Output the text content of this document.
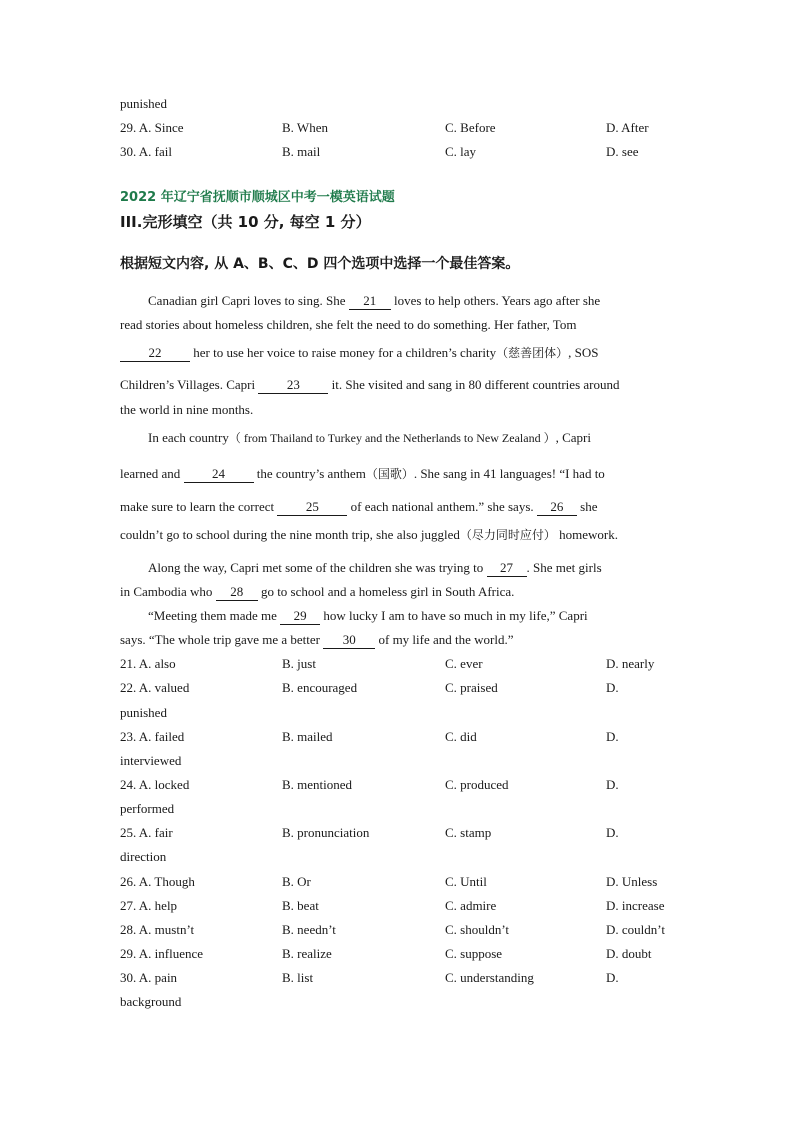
punished
29. A. Since	B. When	C. Before	D. After
30. A. fail	B. mail	C. lay	D. see
2022 年辽宁省抚顺市顺城区中考一模英语试题
III.完形填空（共 10 分, 每空 1 分）
根据短文内容, 从 A、B、C、D 四个选项中选择一个最佳答案。
Canadian girl Capri loves to sing. She 21 loves to help others. Years ago after she
read stories about homeless children, she felt the need to do something. Her father, Tom
22 her to use her voice to raise money for a children’s charity（慈善团体）, SOS
Children’s Villages. Capri 23 it. She visited and sang in 80 different countries around
the world in nine months.
In each country（ from Thailand to Turkey and the Netherlands to New Zealand ）, Capri
learned and 24 the country’s anthem（国歌）. She sang in 41 languages! “I had to
make sure to learn the correct 25 of each national anthem.” she says. 26 she
couldn’t go to school during the nine month trip, she also juggled（尽力同时应付） homework.
Along the way, Capri met some of the children she was trying to 27 . She met girls
in Cambodia who 28 go to school and a homeless girl in South Africa.
“Meeting them made me 29 how lucky I am to have so much in my life,” Capri
says. “The whole trip gave me a better 30 of my life and the world.”
21. A. also	B. just	C. ever	D. nearly
22. A. valued	B. encouraged	C. praised	D.
punished
23. A. failed	B. mailed	C. did	D.
interviewed
24. A. locked	B. mentioned	C. produced	D.
performed
25. A. fair	B. pronunciation	C. stamp	D.
direction
26. A. Though	B. Or	C. Until	D. Unless
27. A. help	B. beat	C. admire	D. increase
28. A. mustn’t	B. needn’t	C. shouldn’t	D. couldn’t
29. A. influence	B. realize	C. suppose	D. doubt
30. A. pain	B. list	C. understanding	D.
background
